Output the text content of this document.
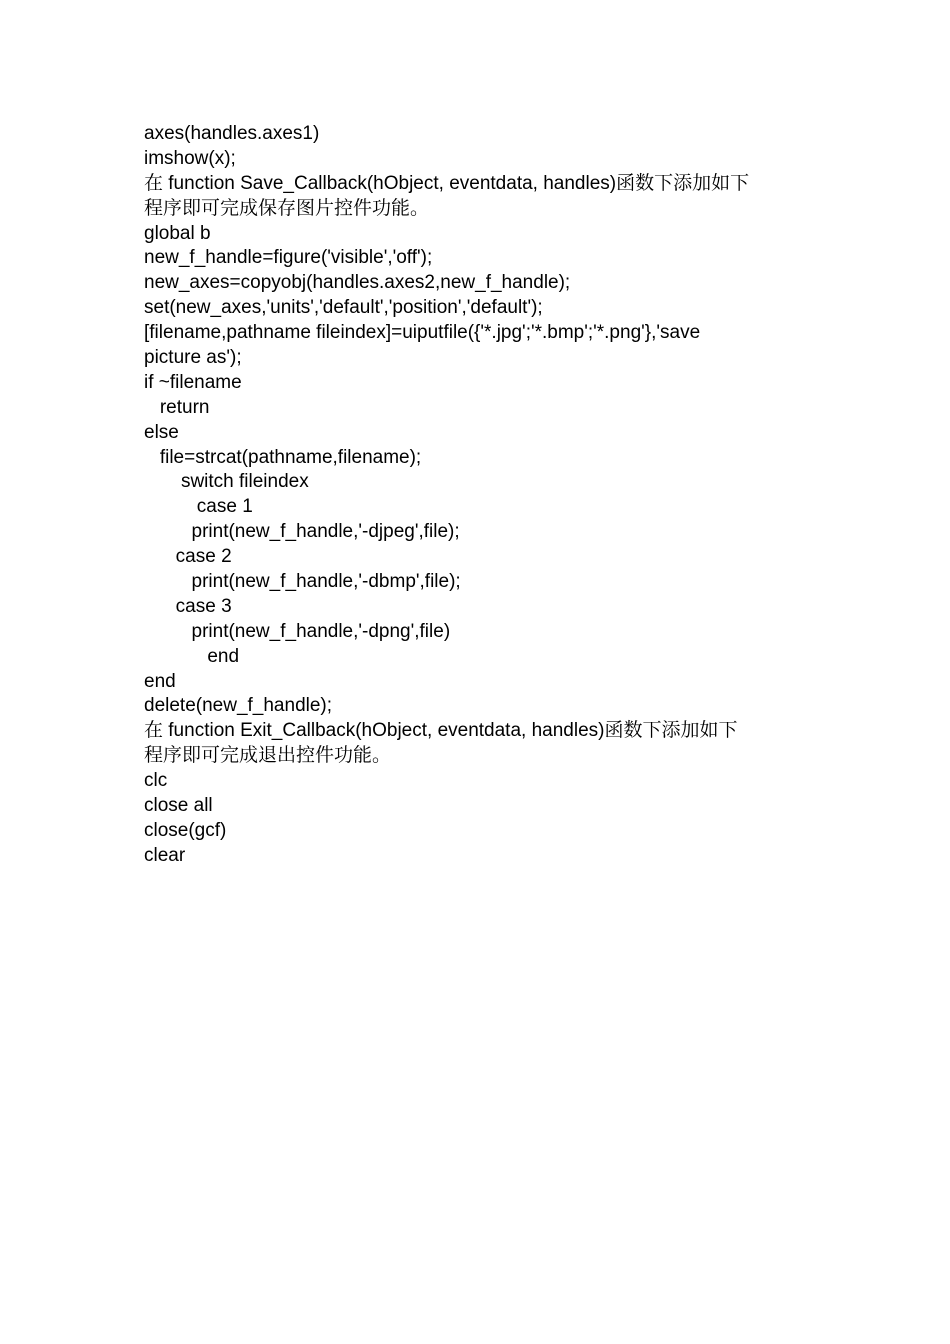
axes(handles.axes1)
imshow(x);
在 function Save_Callback(hObject, eventdata, handles)函数下添加如下
程序即可完成保存图片控件功能。
global b
new_f_handle=figure('visible','off');
new_axes=copyobj(handles.axes2,new_f_handle);
set(new_axes,'units','default','position','default');
[filename,pathname fileindex]=uiputfile({'*.jpg';'*.bmp';'*.png'},'save
picture as');
if ~filename
return
else
file=strcat(pathname,filename);
switch fileindex
case 1
print(new_f_handle,'-djpeg',file);
case 2
print(new_f_handle,'-dbmp',file);
case 3
print(new_f_handle,'-dpng',file)
end
end
delete(new_f_handle);
在 function Exit_Callback(hObject, eventdata, handles)函数下添加如下
程序即可完成退出控件功能。
clc
close all
close(gcf)
clear
